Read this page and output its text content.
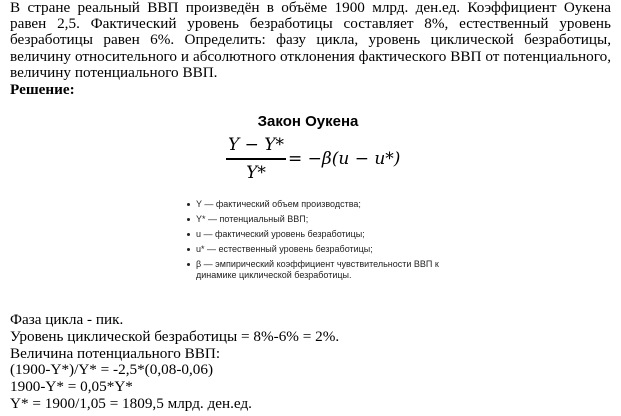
В стране реальный ВВП произведён в объёме 1900 млрд. ден.ед. Коэффициент Оукена равен 2,5. Фактический уровень безработицы составляет 8%, естественный уровень безработицы равен 6%. Определить: фазу цикла, уровень циклической безработицы, величину относительного и абсолютного отклонения фактического ВВП от потенциального, величину потенциального ВВП.
Решение:
Закон Оукена
Y − Y*
Y*
= −β(u − u*)
Y — фактический объем производства;
Y* — потенциальный ВВП;
u — фактический уровень безработицы;
u* — естественный уровень безработицы;
β — эмпирический коэффициент чувствительности ВВП к динамике циклической безработицы.
Фаза цикла - пик.
Уровень циклической безработицы = 8%-6% = 2%.
Величина потенциального ВВП:
(1900-Y*)/Y* = -2,5*(0,08-0,06)
1900-Y* = 0,05*Y*
Y* = 1900/1,05 = 1809,5 млрд. ден.ед.
